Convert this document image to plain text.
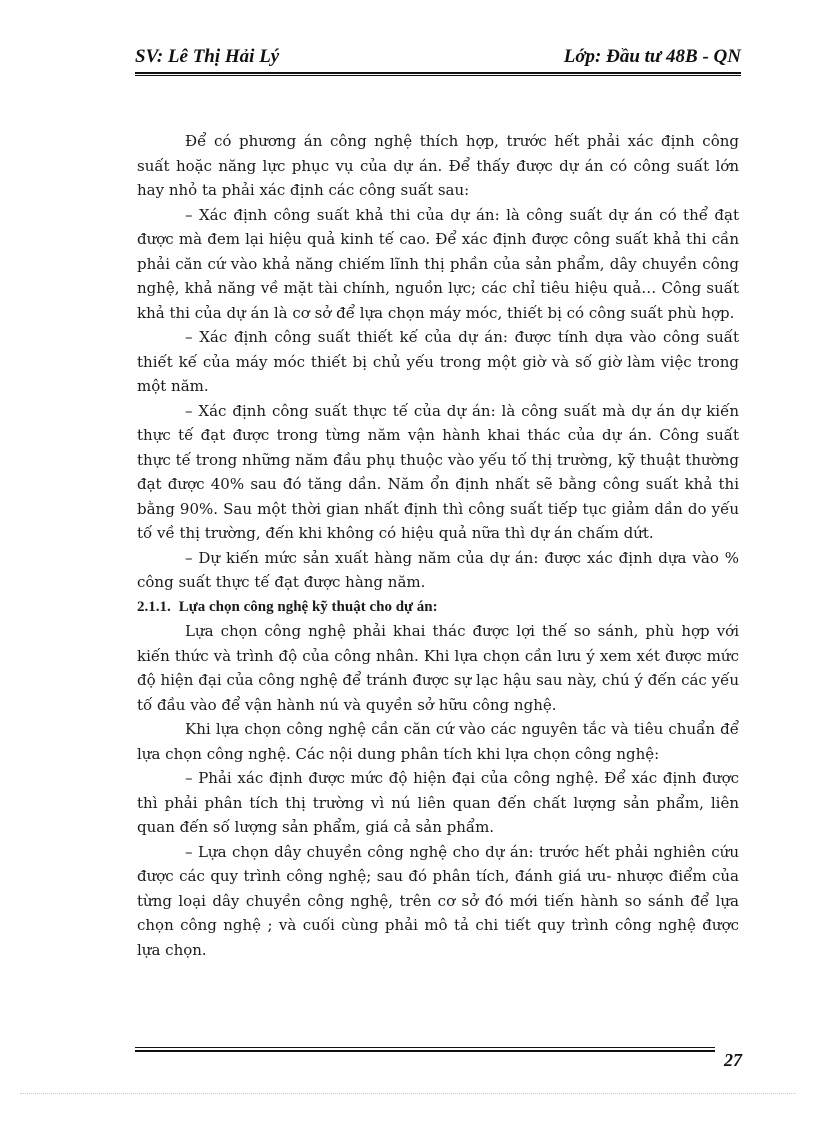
SV: Lê Thị Hải Lý	Lớp: Đầu tư 48B - QN

Để có phương án công nghệ thích hợp, trước hết phải xác định công suất hoặc năng lực phục vụ của dự án. Để thấy được dự án có công suất lớn hay nhỏ ta phải xác định các công suất sau:

– Xác định công suất khả thi của dự án: là công suất dự án có thể đạt được mà đem lại hiệu quả kinh tế cao. Để xác định được công suất khả thi cần phải căn cứ vào khả năng chiếm lĩnh thị phần của sản phẩm, dây chuyền công nghệ, khả năng về mặt tài chính, nguồn lực; các chỉ tiêu hiệu quả… Công suất khả thi của dự án là cơ sở để lựa chọn máy móc, thiết bị có công suất phù hợp.

– Xác định công suất thiết kế của dự án: được tính dựa vào công suất thiết kế của máy móc thiết bị chủ yếu trong một giờ và số giờ làm việc trong một năm.

– Xác định công suất thực tế của dự án: là công suất mà dự án dự kiến thực tế đạt được trong từng năm vận hành khai thác của dự án. Công suất thực tế trong những năm đầu phụ thuộc vào yếu tố thị trường, kỹ thuật thường đạt được 40% sau đó tăng dần. Năm ổn định nhất sẽ bằng công suất khả thi bằng 90%. Sau một thời gian nhất định thì công suất tiếp tục giảm dần do yếu tố về thị trường, đến khi không có hiệu quả nữa thì dự án chấm dứt.

– Dự kiến mức sản xuất hàng năm của dự án: được xác định dựa vào % công suất thực tế đạt được hàng năm.

2.1.1. Lựa chọn công nghệ kỹ thuật cho dự án:

Lựa chọn công nghệ phải khai thác được lợi thế so sánh, phù hợp với kiến thức và trình độ của công nhân. Khi lựa chọn cần lưu ý xem xét được mức độ hiện đại của công nghệ để tránh được sự lạc hậu sau này, chú ý đến các yếu tố đầu vào để vận hành nú và quyền sở hữu công nghệ.

Khi lựa chọn công nghệ cần căn cứ vào các nguyên tắc và tiêu chuẩn để lựa chọn công nghệ. Các nội dung phân tích khi lựa chọn công nghệ:

– Phải xác định được mức độ hiện đại của công nghệ. Để xác định được thì phải phân tích thị trường vì nú liên quan đến chất lượng sản phẩm, liên quan đến số lượng sản phẩm, giá cả sản phẩm.

– Lựa chọn dây chuyền công nghệ cho dự án: trước hết phải nghiên cứu được các quy trình công nghệ; sau đó phân tích, đánh giá ưu- nhược điểm của từng loại dây chuyền công nghệ, trên cơ sở đó mới tiến hành so sánh để lựa chọn công nghệ ; và cuối cùng phải mô tả chi tiết quy trình công nghệ được lựa chọn.

27
